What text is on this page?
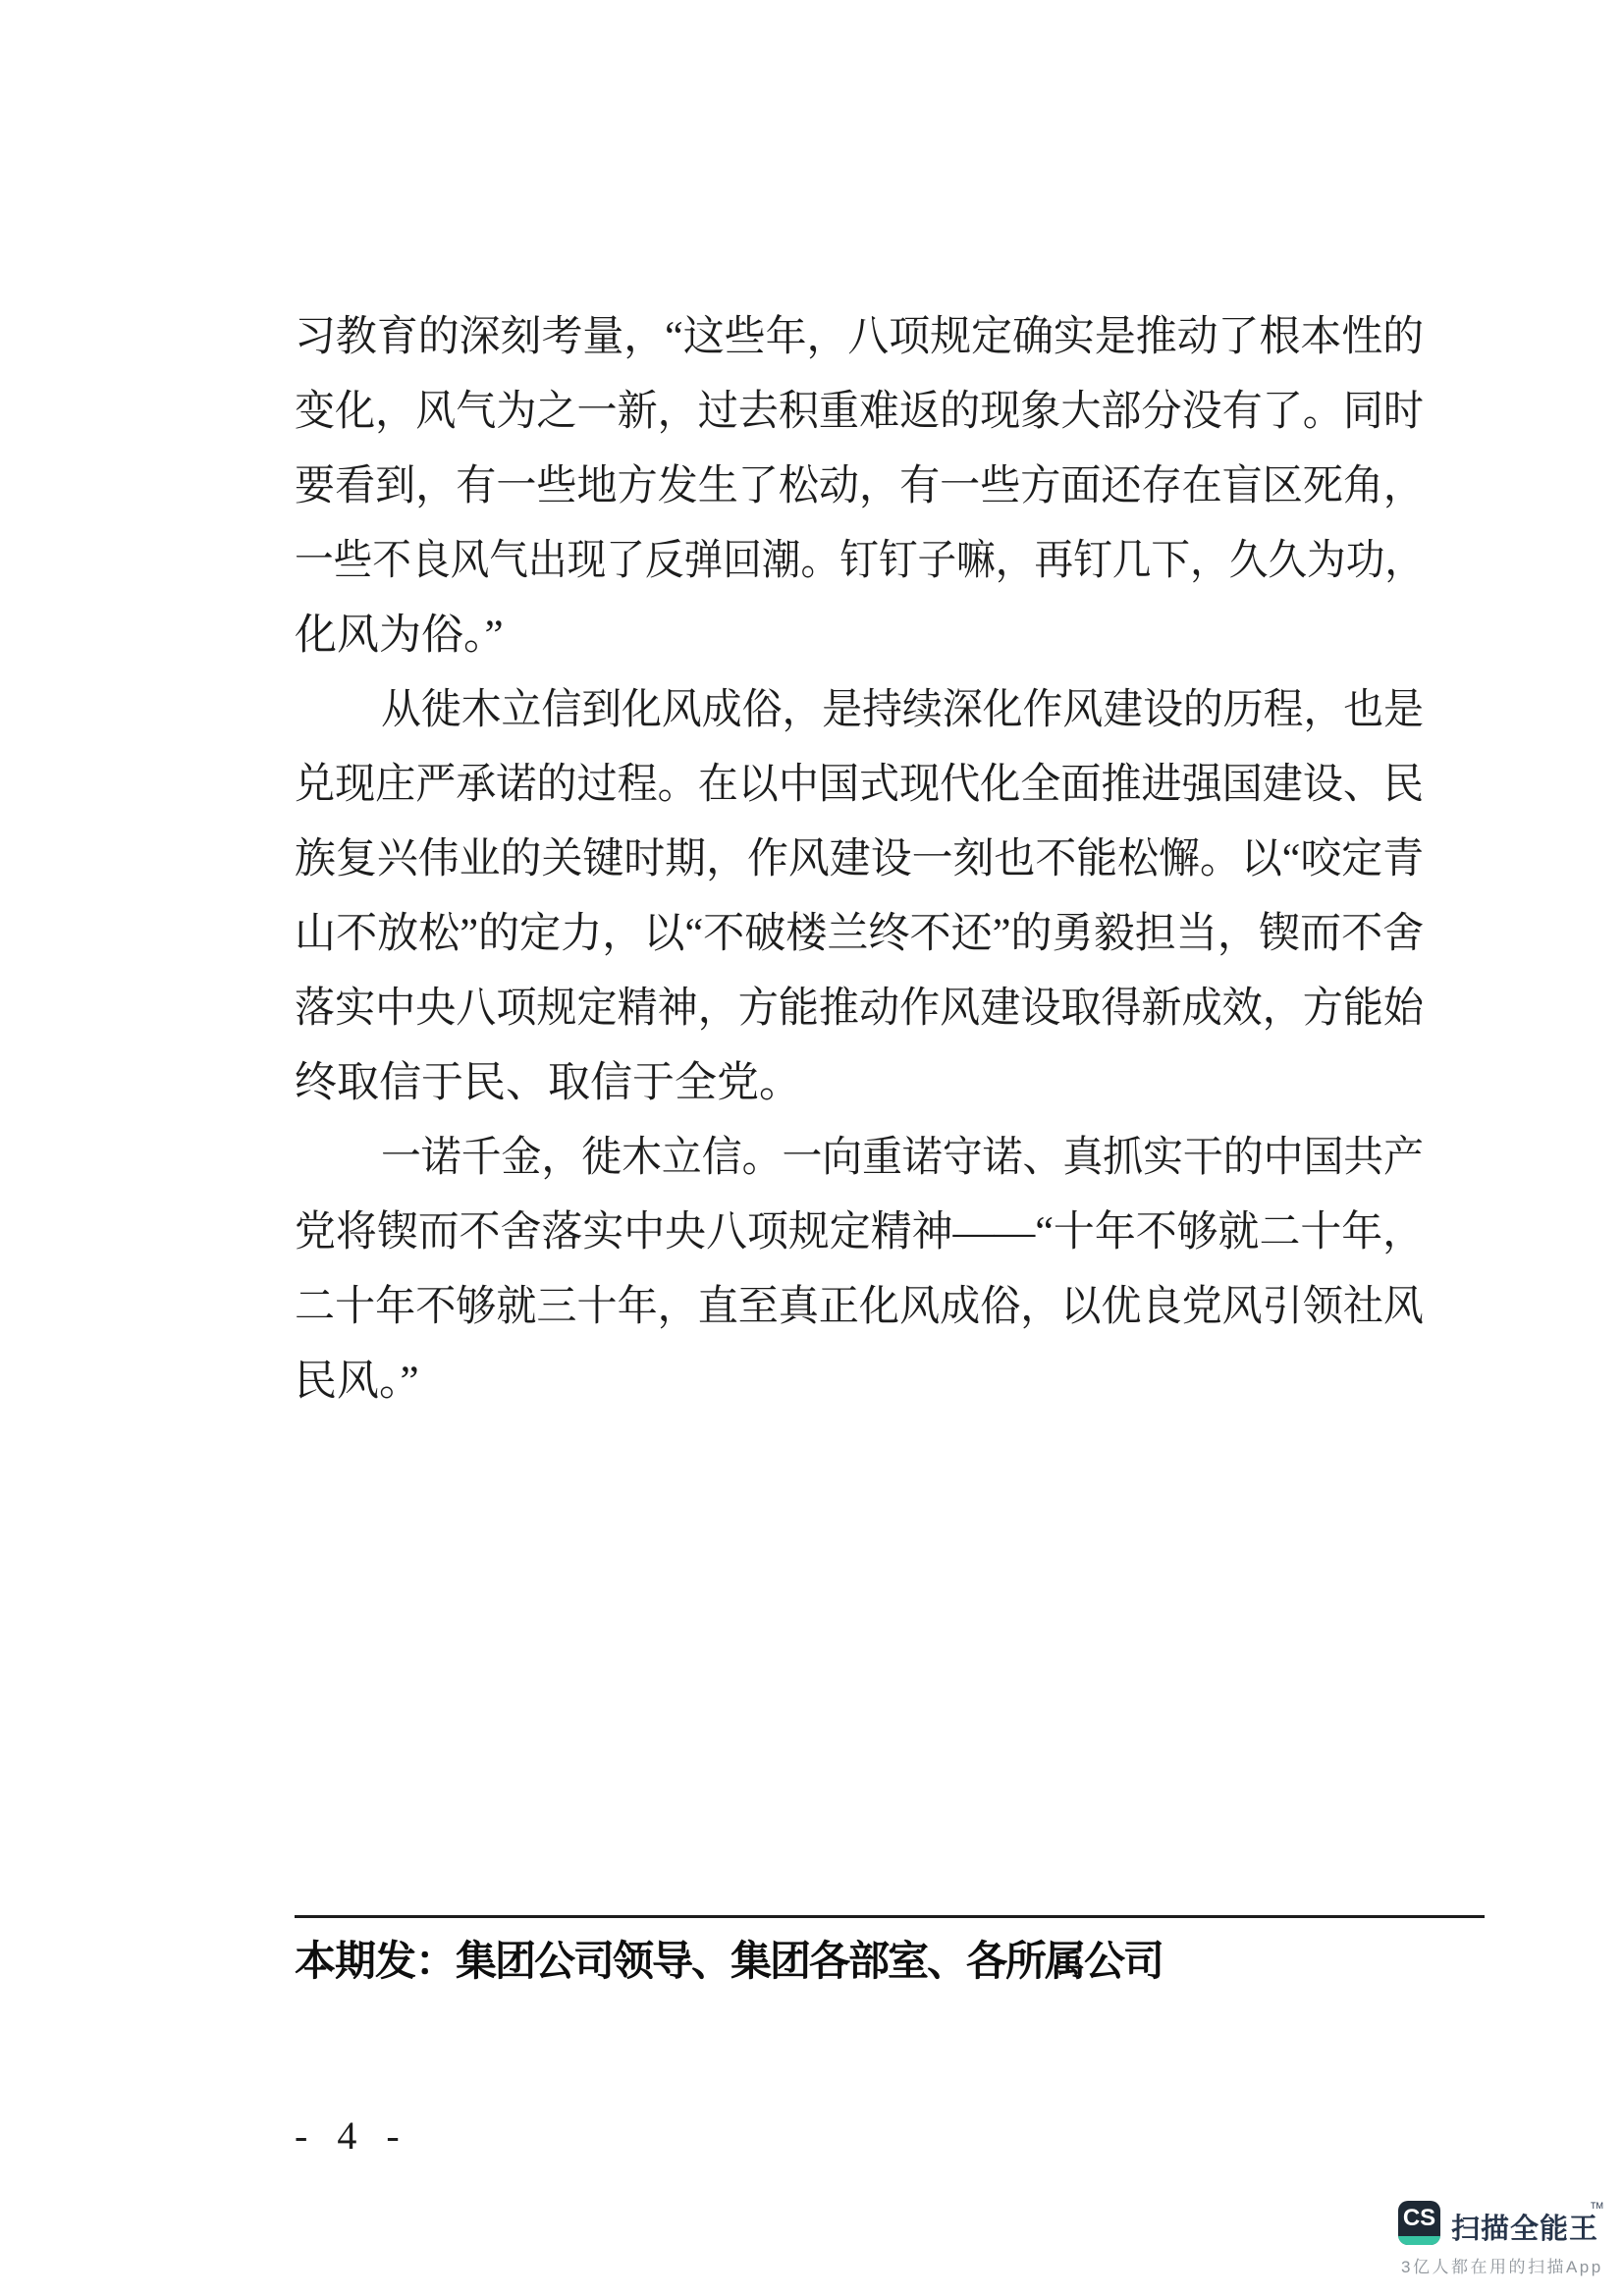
习教育的深刻考量，“这些年，八项规定确实是推动了根本性的
变化，风气为之一新，过去积重难返的现象大部分没有了。同时
要看到，有一些地方发生了松动，有一些方面还存在盲区死角，
一些不良风气出现了反弹回潮。钉钉子嘛，再钉几下，久久为功，
化风为俗。”
从徙木立信到化风成俗，是持续深化作风建设的历程，也是
兑现庄严承诺的过程。在以中国式现代化全面推进强国建设、民
族复兴伟业的关键时期，作风建设一刻也不能松懈。以“咬定青
山不放松”的定力，以“不破楼兰终不还”的勇毅担当，锲而不舍
落实中央八项规定精神，方能推动作风建设取得新成效，方能始
终取信于民、取信于全党。
一诺千金，徙木立信。一向重诺守诺、真抓实干的中国共产
党将锲而不舍落实中央八项规定精神——“十年不够就二十年，
二十年不够就三十年，直至真正化风成俗，以优良党风引领社风
民风。”
本期发：集团公司领导、集团各部室、各所属公司
- 4 -
CS 扫描全能王
TM
3亿人都在用的扫描App
